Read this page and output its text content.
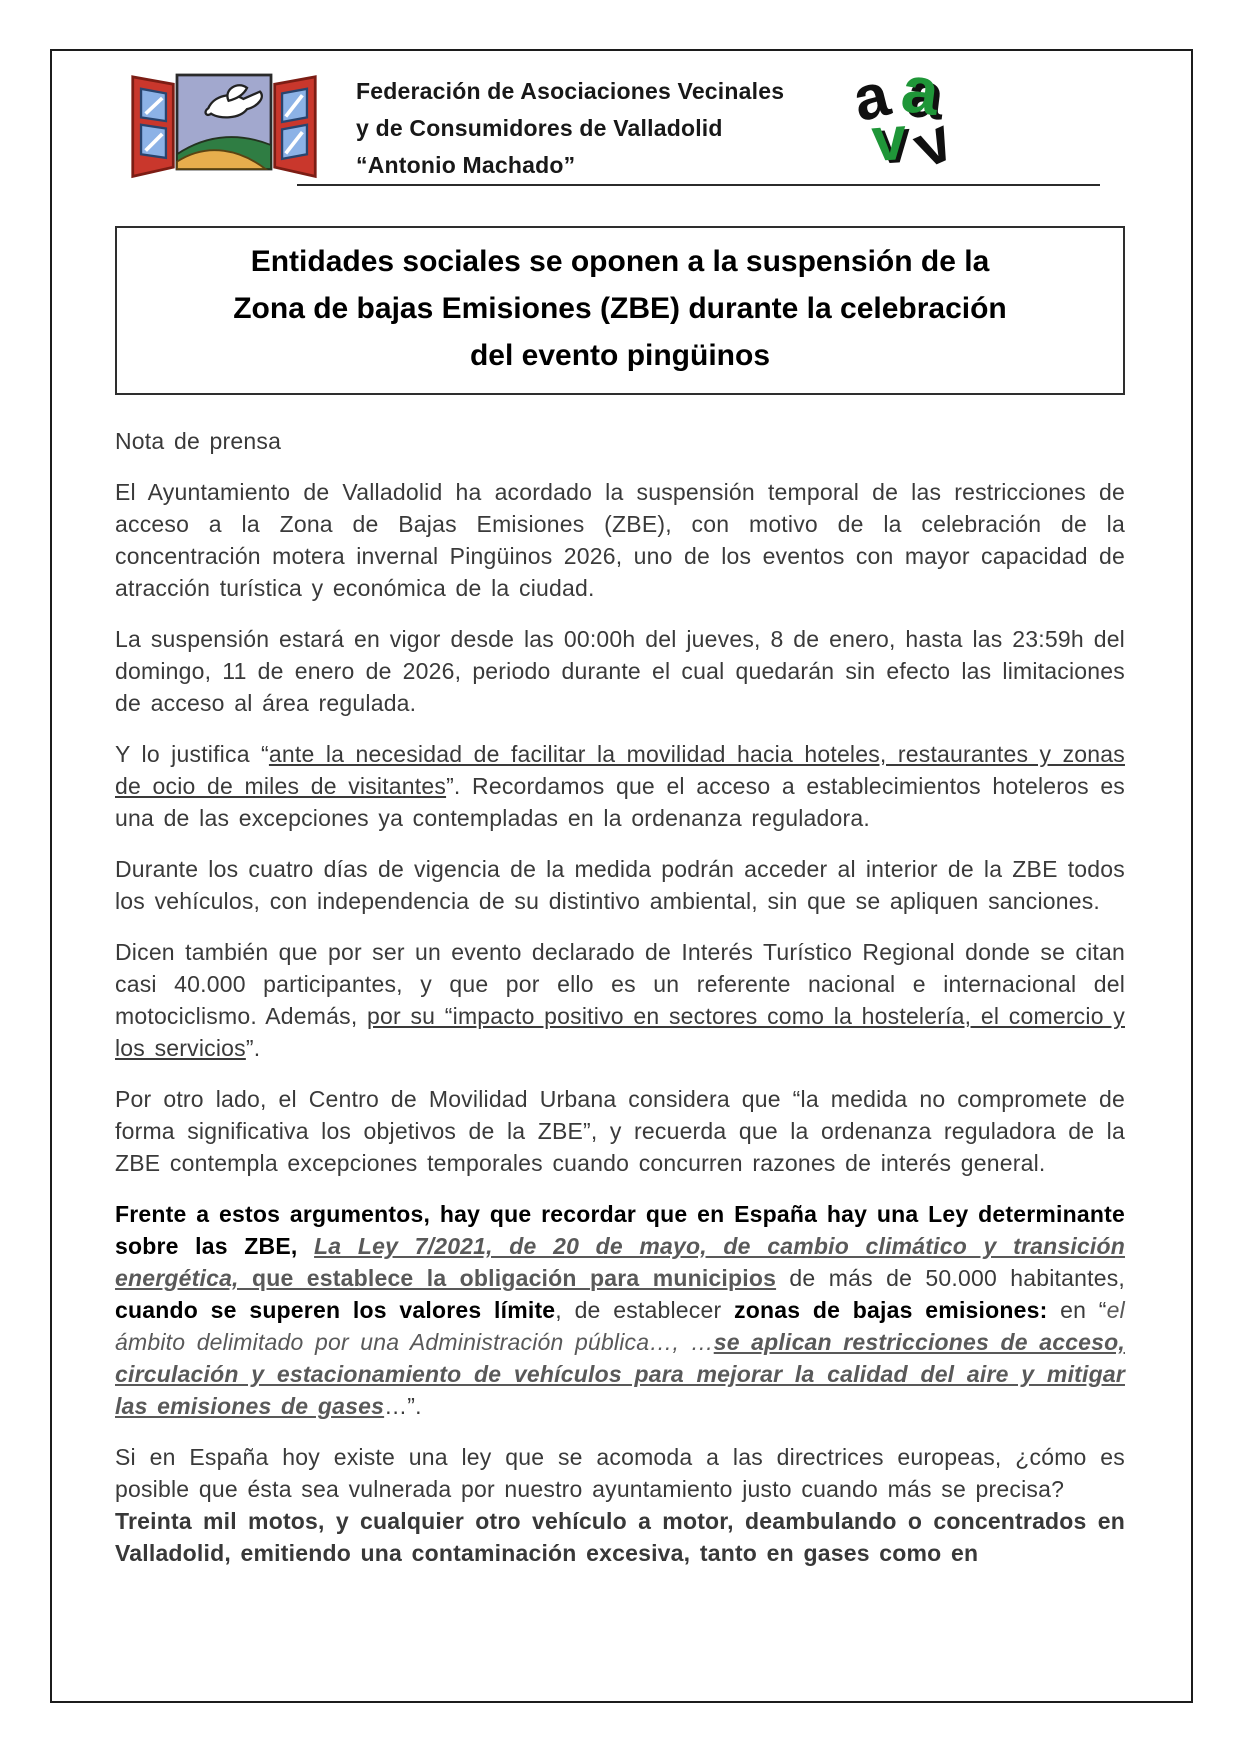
Federación de Asociaciones Vecinales
y de Consumidores de Valladolid
“Antonio Machado”
a a
v
v
Entidades sociales se oponen a la suspensión de la
Zona de bajas Emisiones (ZBE) durante la celebración
del evento pingüinos

Nota de prensa

El Ayuntamiento de Valladolid ha acordado la suspensión temporal de las restricciones de acceso a la Zona de Bajas Emisiones (ZBE), con motivo de la celebración de la concentración motera invernal Pingüinos 2026, uno de los eventos con mayor capacidad de atracción turística y económica de la ciudad.

La suspensión estará en vigor desde las 00:00h del jueves, 8 de enero, hasta las 23:59h del domingo, 11 de enero de 2026, periodo durante el cual quedarán sin efecto las limitaciones de acceso al área regulada.

Y lo justifica “ante la necesidad de facilitar la movilidad hacia hoteles, restaurantes y zonas de ocio de miles de visitantes”. Recordamos que el acceso a establecimientos hoteleros es una de las excepciones ya contempladas en la ordenanza reguladora.

Durante los cuatro días de vigencia de la medida podrán acceder al interior de la ZBE todos los vehículos, con independencia de su distintivo ambiental, sin que se apliquen sanciones.

Dicen también que por ser un evento declarado de Interés Turístico Regional donde se citan casi 40.000 participantes, y que por ello es un referente nacional e internacional del motociclismo. Además, por su “impacto positivo en sectores como la hostelería, el comercio y los servicios”.

Por otro lado, el Centro de Movilidad Urbana considera que “la medida no compromete de forma significativa los objetivos de la ZBE”, y recuerda que la ordenanza reguladora de la ZBE contempla excepciones temporales cuando concurren razones de interés general.

Frente a estos argumentos, hay que recordar que en España hay una Ley determinante sobre las ZBE, La Ley 7/2021, de 20 de mayo, de cambio climático y transición energética, que establece la obligación para municipios de más de 50.000 habitantes, cuando se superen los valores límite, de establecer zonas de bajas emisiones: en “el ámbito delimitado por una Administración pública…, …se aplican restricciones de acceso, circulación y estacionamiento de vehículos para mejorar la calidad del aire y mitigar las emisiones de gases…”.

Si en España hoy existe una ley que se acomoda a las directrices europeas, ¿cómo es posible que ésta sea vulnerada por nuestro ayuntamiento justo cuando más se precisa?

Treinta mil motos, y cualquier otro vehículo a motor, deambulando o concentrados en Valladolid, emitiendo una contaminación excesiva, tanto en gases como en
